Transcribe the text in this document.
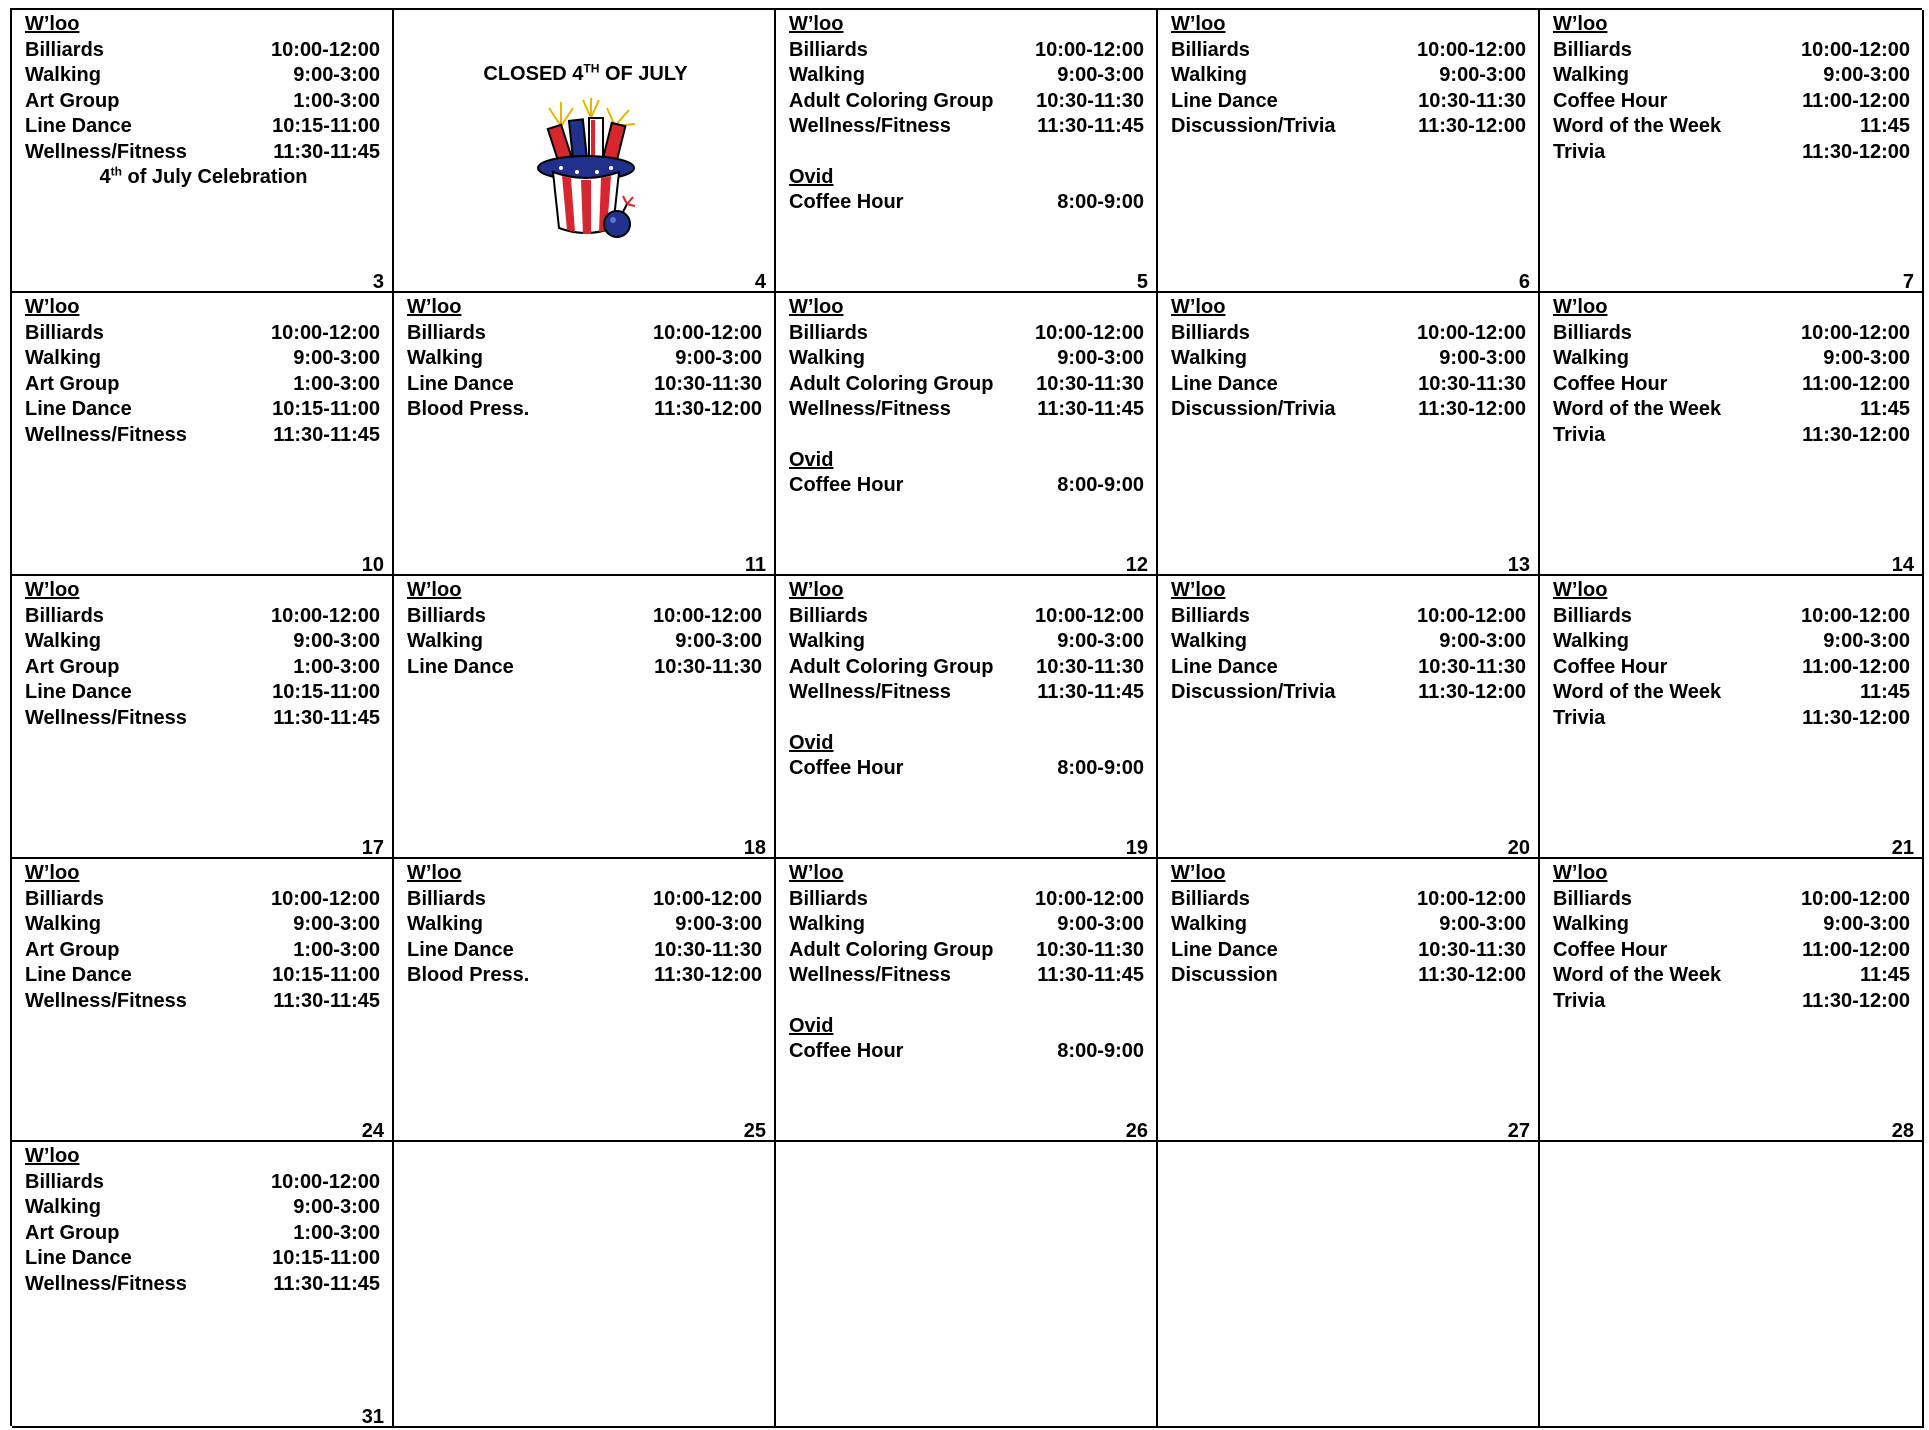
W’loo
Billiards	10:00-12:00
Walking	9:00-3:00
Art Group	1:00-3:00
Line Dance	10:15-11:00
Wellness/Fitness	11:30-11:45
4th of July Celebration
3
CLOSED 4TH OF JULY
4
W’loo
Billiards	10:00-12:00
Walking	9:00-3:00
Adult Coloring Group 10:30-11:30
Wellness/Fitness	11:30-11:45
Ovid
Coffee Hour	8:00-9:00
5
W’loo
Billiards	10:00-12:00
Walking	9:00-3:00
Line Dance	10:30-11:30
Discussion/Trivia	11:30-12:00
6
W’loo
Billiards	10:00-12:00
Walking	9:00-3:00
Coffee Hour	11:00-12:00
Word of the Week	11:45
Trivia	11:30-12:00
7
W’loo
Billiards	10:00-12:00
Walking	9:00-3:00
Art Group	1:00-3:00
Line Dance	10:15-11:00
Wellness/Fitness	11:30-11:45
10
W’loo
Billiards	10:00-12:00
Walking	9:00-3:00
Line Dance	10:30-11:30
Blood Press.	11:30-12:00
11
W’loo
Billiards	10:00-12:00
Walking	9:00-3:00
Adult Coloring Group 10:30-11:30
Wellness/Fitness	11:30-11:45
Ovid
Coffee Hour	8:00-9:00
12
W’loo
Billiards	10:00-12:00
Walking	9:00-3:00
Line Dance	10:30-11:30
Discussion/Trivia	11:30-12:00
13
W’loo
Billiards	10:00-12:00
Walking	9:00-3:00
Coffee Hour	11:00-12:00
Word of the Week	11:45
Trivia	11:30-12:00
14
W’loo
Billiards	10:00-12:00
Walking	9:00-3:00
Art Group	1:00-3:00
Line Dance	10:15-11:00
Wellness/Fitness	11:30-11:45
17
W’loo
Billiards	10:00-12:00
Walking	9:00-3:00
Line Dance	10:30-11:30
18
W’loo
Billiards	10:00-12:00
Walking	9:00-3:00
Adult Coloring Group 10:30-11:30
Wellness/Fitness	11:30-11:45
Ovid
Coffee Hour	8:00-9:00
19
W’loo
Billiards	10:00-12:00
Walking	9:00-3:00
Line Dance	10:30-11:30
Discussion/Trivia	11:30-12:00
20
W’loo
Billiards	10:00-12:00
Walking	9:00-3:00
Coffee Hour	11:00-12:00
Word of the Week	11:45
Trivia	11:30-12:00
21
W’loo
Billiards	10:00-12:00
Walking	9:00-3:00
Art Group	1:00-3:00
Line Dance	10:15-11:00
Wellness/Fitness	11:30-11:45
24
W’loo
Billiards	10:00-12:00
Walking	9:00-3:00
Line Dance	10:30-11:30
Blood Press.	11:30-12:00
25
W’loo
Billiards	10:00-12:00
Walking	9:00-3:00
Adult Coloring Group 10:30-11:30
Wellness/Fitness	11:30-11:45
Ovid
Coffee Hour	8:00-9:00
26
W’loo
Billiards	10:00-12:00
Walking	9:00-3:00
Line Dance	10:30-11:30
Discussion	11:30-12:00
27
W’loo
Billiards	10:00-12:00
Walking	9:00-3:00
Coffee Hour	11:00-12:00
Word of the Week	11:45
Trivia	11:30-12:00
28
W’loo
Billiards	10:00-12:00
Walking	9:00-3:00
Art Group	1:00-3:00
Line Dance	10:15-11:00
Wellness/Fitness	11:30-11:45
31
